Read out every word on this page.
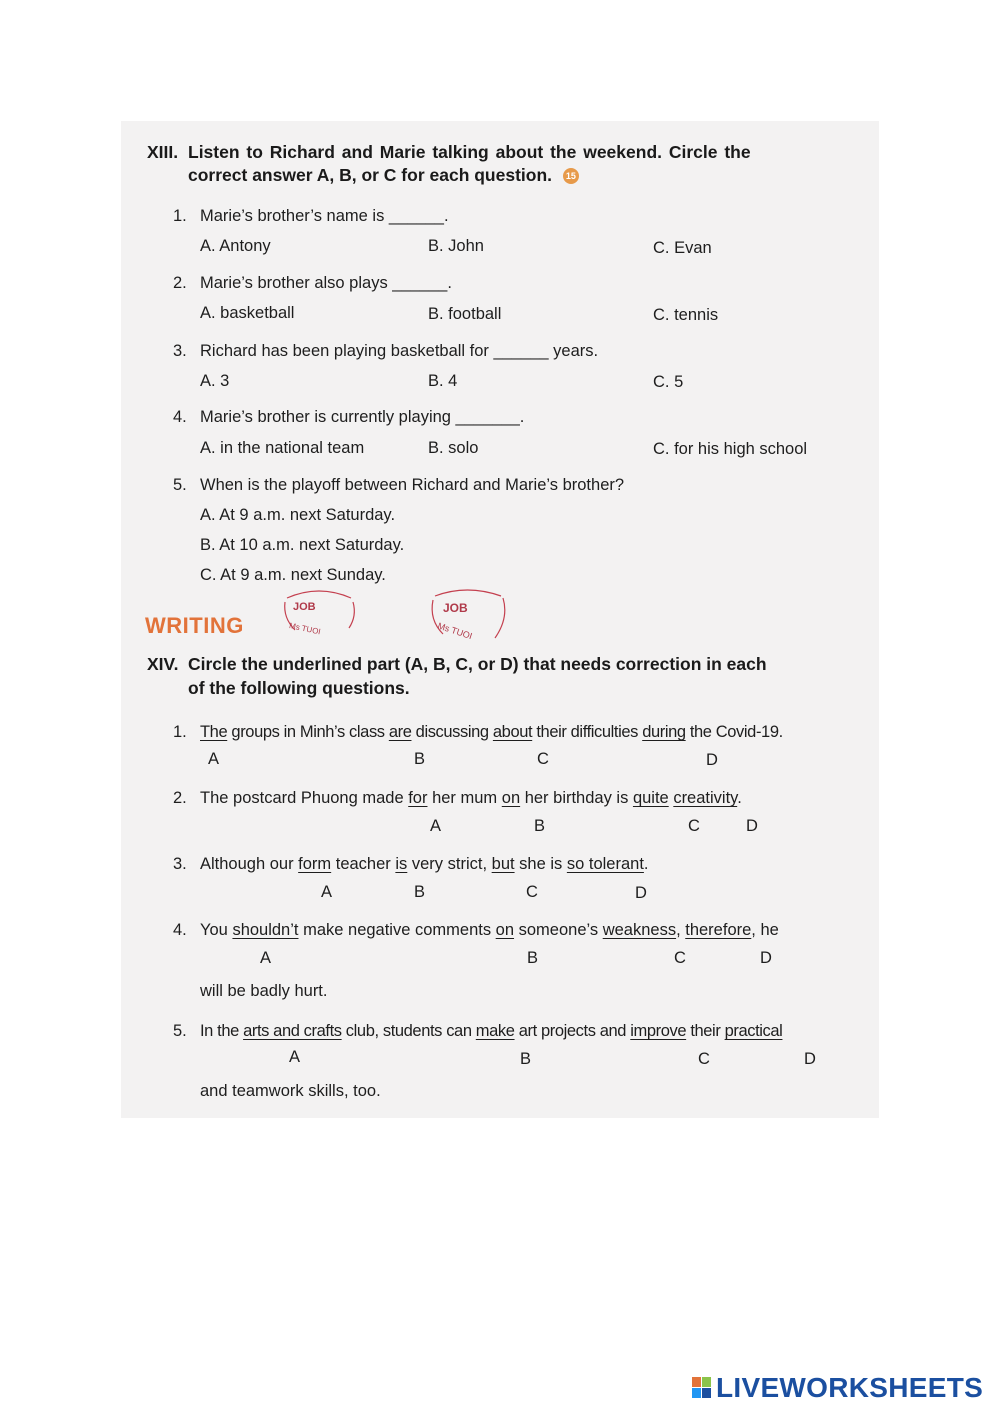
XIII. Listen to Richard and Marie talking about the weekend. Circle the
correct answer A, B, or C for each question. 15
1. Marie’s brother’s name is ______.
A. Antony	B. John	C. Evan
2. Marie’s brother also plays ______.
A. basketball	B. football	C. tennis
3. Richard has been playing basketball for ______ years.
A. 3	B. 4	C. 5
4. Marie’s brother is currently playing _______.
A. in the national team	B. solo	C. for his high school
5. When is the playoff between Richard and Marie’s brother?
A. At 9 a.m. next Saturday.
B. At 10 a.m. next Saturday.
C. At 9 a.m. next Sunday.
WRITING
JOB
Ms TUOI
JOB
Ms TUOI
XIV. Circle the underlined part (A, B, C, or D) that needs correction in each
of the following questions.
1. The groups in Minh’s class are discussing about their difficulties during the Covid-19.
A	B	C	D
2. The postcard Phuong made for her mum on her birthday is quite creativity.
A	B	C	D
3. Although our form teacher is very strict, but she is so tolerant.
A	B	C	D
4. You shouldn’t make negative comments on someone’s weakness, therefore, he
A	B	C	D
will be badly hurt.
5. In the arts and crafts club, students can make art projects and improve their practical
A	B	C	D
and teamwork skills, too.
LIVEWORKSHEETS
